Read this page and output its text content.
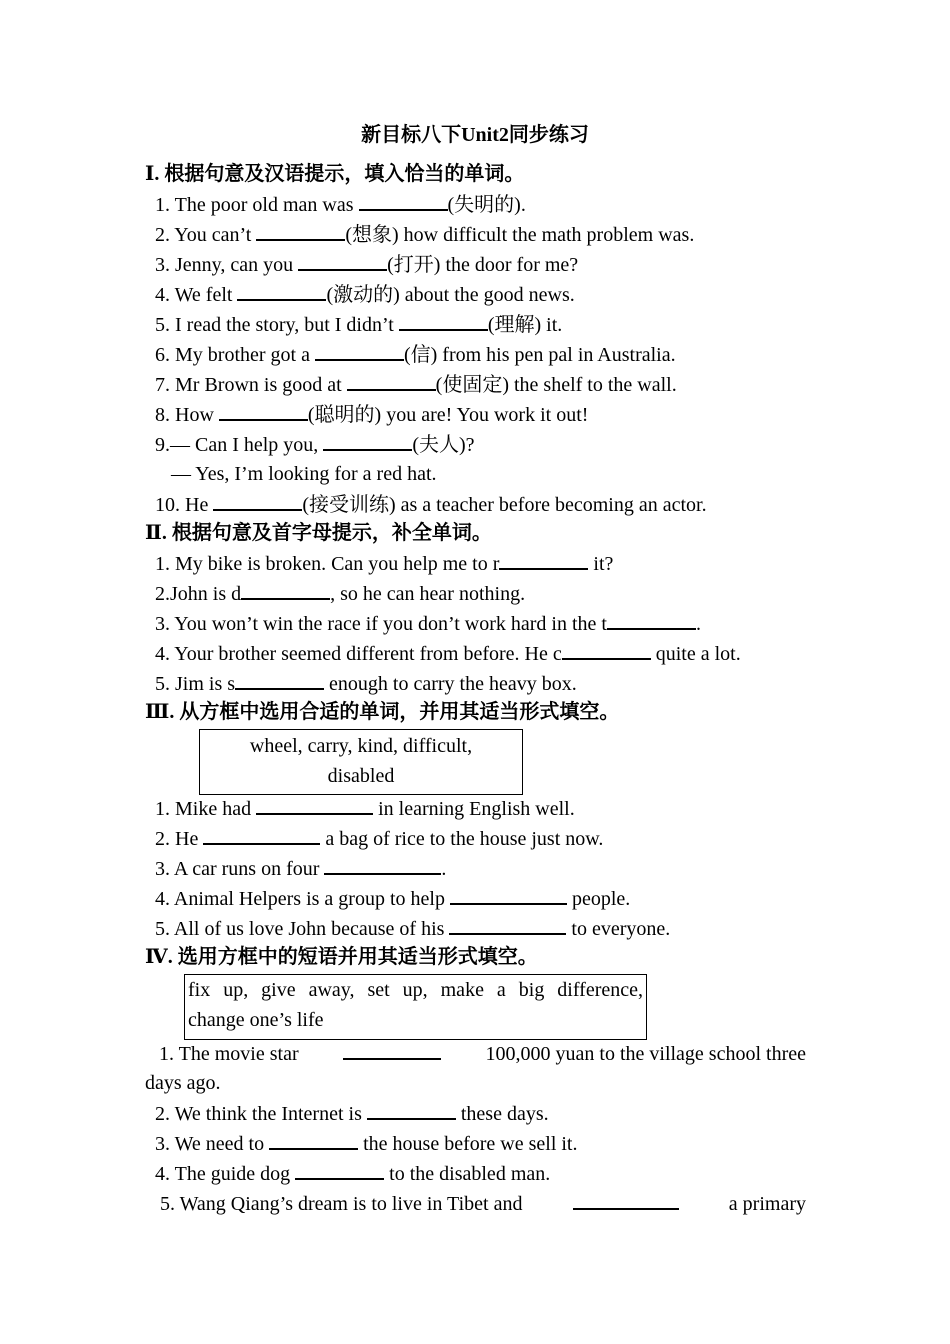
新目标八下Unit2同步练习
Ⅰ. 根据句意及汉语提示，填入恰当的单词。
1. The poor old man was	(失明的).
2. You can’t	(想象) how difficult the math problem was.
3. Jenny, can you	(打开) the door for me?
4. We felt	(激动的) about the good news.
5. I read the story, but I didn’t	(理解) it.
6. My brother got a	(信) from his pen pal in Australia.
7. Mr Brown is good at	(使固定) the shelf to the wall.
8. How	(聪明的) you are! You work it out!
9.— Can I help you,	(夫人)?
— Yes, I’m looking for a red hat.
10. He	(接受训练) as a teacher before becoming an actor.
Ⅱ. 根据句意及首字母提示，补全单词。
1. My bike is broken. Can you help me to r	it?
2.John is d	, so he can hear nothing.
3. You won’t win the race if you don’t work hard in the t	.
4. Your brother seemed different from before. He c	quite a lot.
5. Jim is s	enough to carry the heavy box.
Ⅲ. 从方框中选用合适的单词，并用其适当形式填空。
wheel, carry, kind, difficult,
disabled
1. Mike had	in learning English well.
2. He	a bag of rice to the house just now.
3. A car runs on four	.
4. Animal Helpers is a group to help	people.
5. All of us love John because of his	to everyone.
Ⅳ. 选用方框中的短语并用其适当形式填空。
fix up, give away, set up, make a big difference,
change one’s life
1. The movie star	100,000 yuan to the village school three
days ago.
2. We think the Internet is	these days.
3. We need to	the house before we sell it.
4. The guide dog	to the disabled man.
5. Wang Qiang’s dream is to live in Tibet and	a primary
